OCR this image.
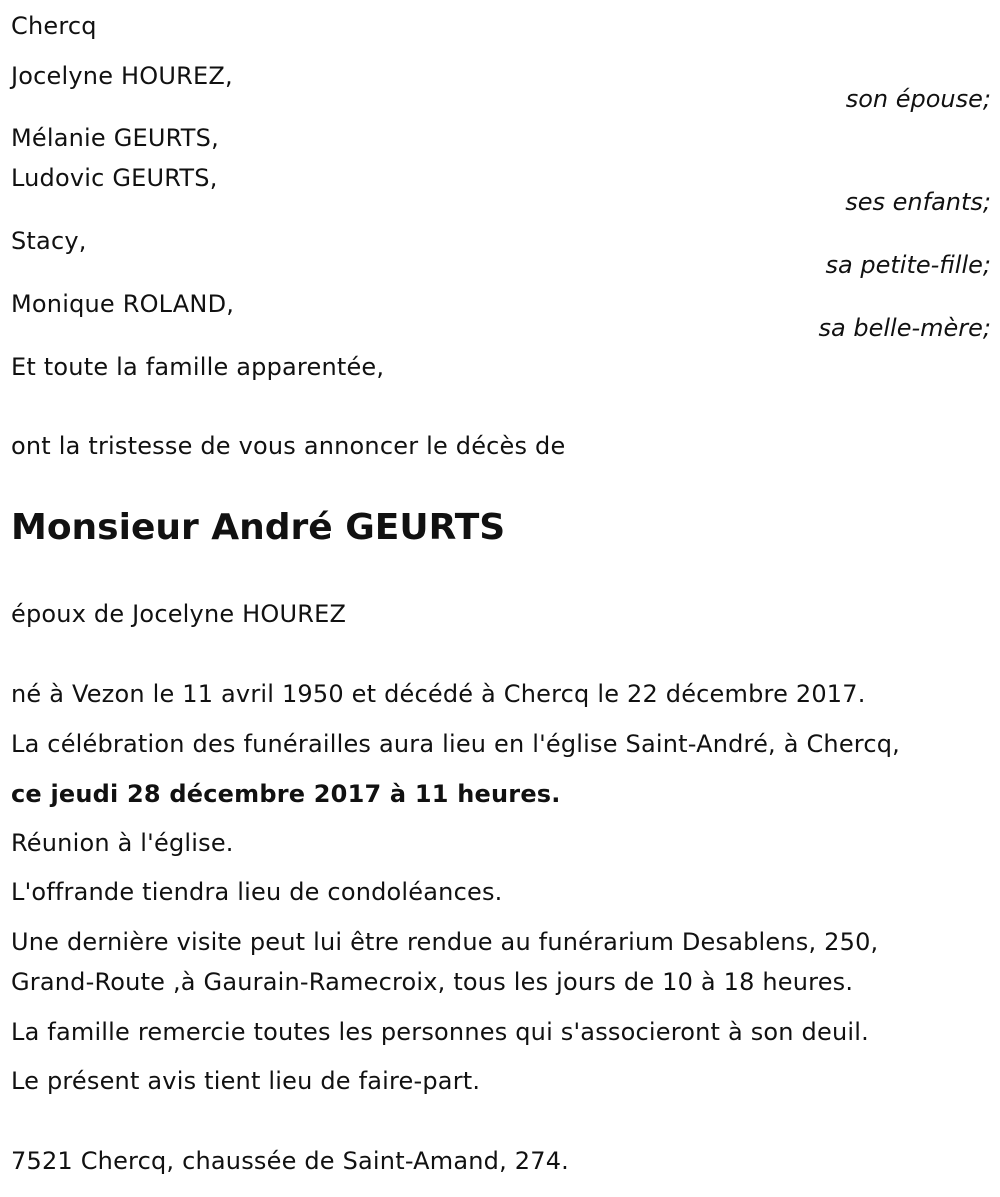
Chercq
Jocelyne HOUREZ,
son épouse;
Mélanie GEURTS,
Ludovic GEURTS,
ses enfants;
Stacy,
sa petite-fille;
Monique ROLAND,
sa belle-mère;
Et toute la famille apparentée,
ont la tristesse de vous annoncer le décès de
Monsieur André GEURTS
époux de Jocelyne HOUREZ
né à Vezon le 11 avril 1950 et décédé à Chercq le 22 décembre 2017.
La célébration des funérailles aura lieu en l'église Saint-André, à Chercq,
ce jeudi 28 décembre 2017 à 11 heures.
Réunion à l'église.
L'offrande tiendra lieu de condoléances.
Une dernière visite peut lui être rendue au funérarium Desablens, 250,
Grand-Route ,à Gaurain-Ramecroix, tous les jours de 10 à 18 heures.
La famille remercie toutes les personnes qui s'associeront à son deuil.
Le présent avis tient lieu de faire-part.
7521 Chercq, chaussée de Saint-Amand, 274.
